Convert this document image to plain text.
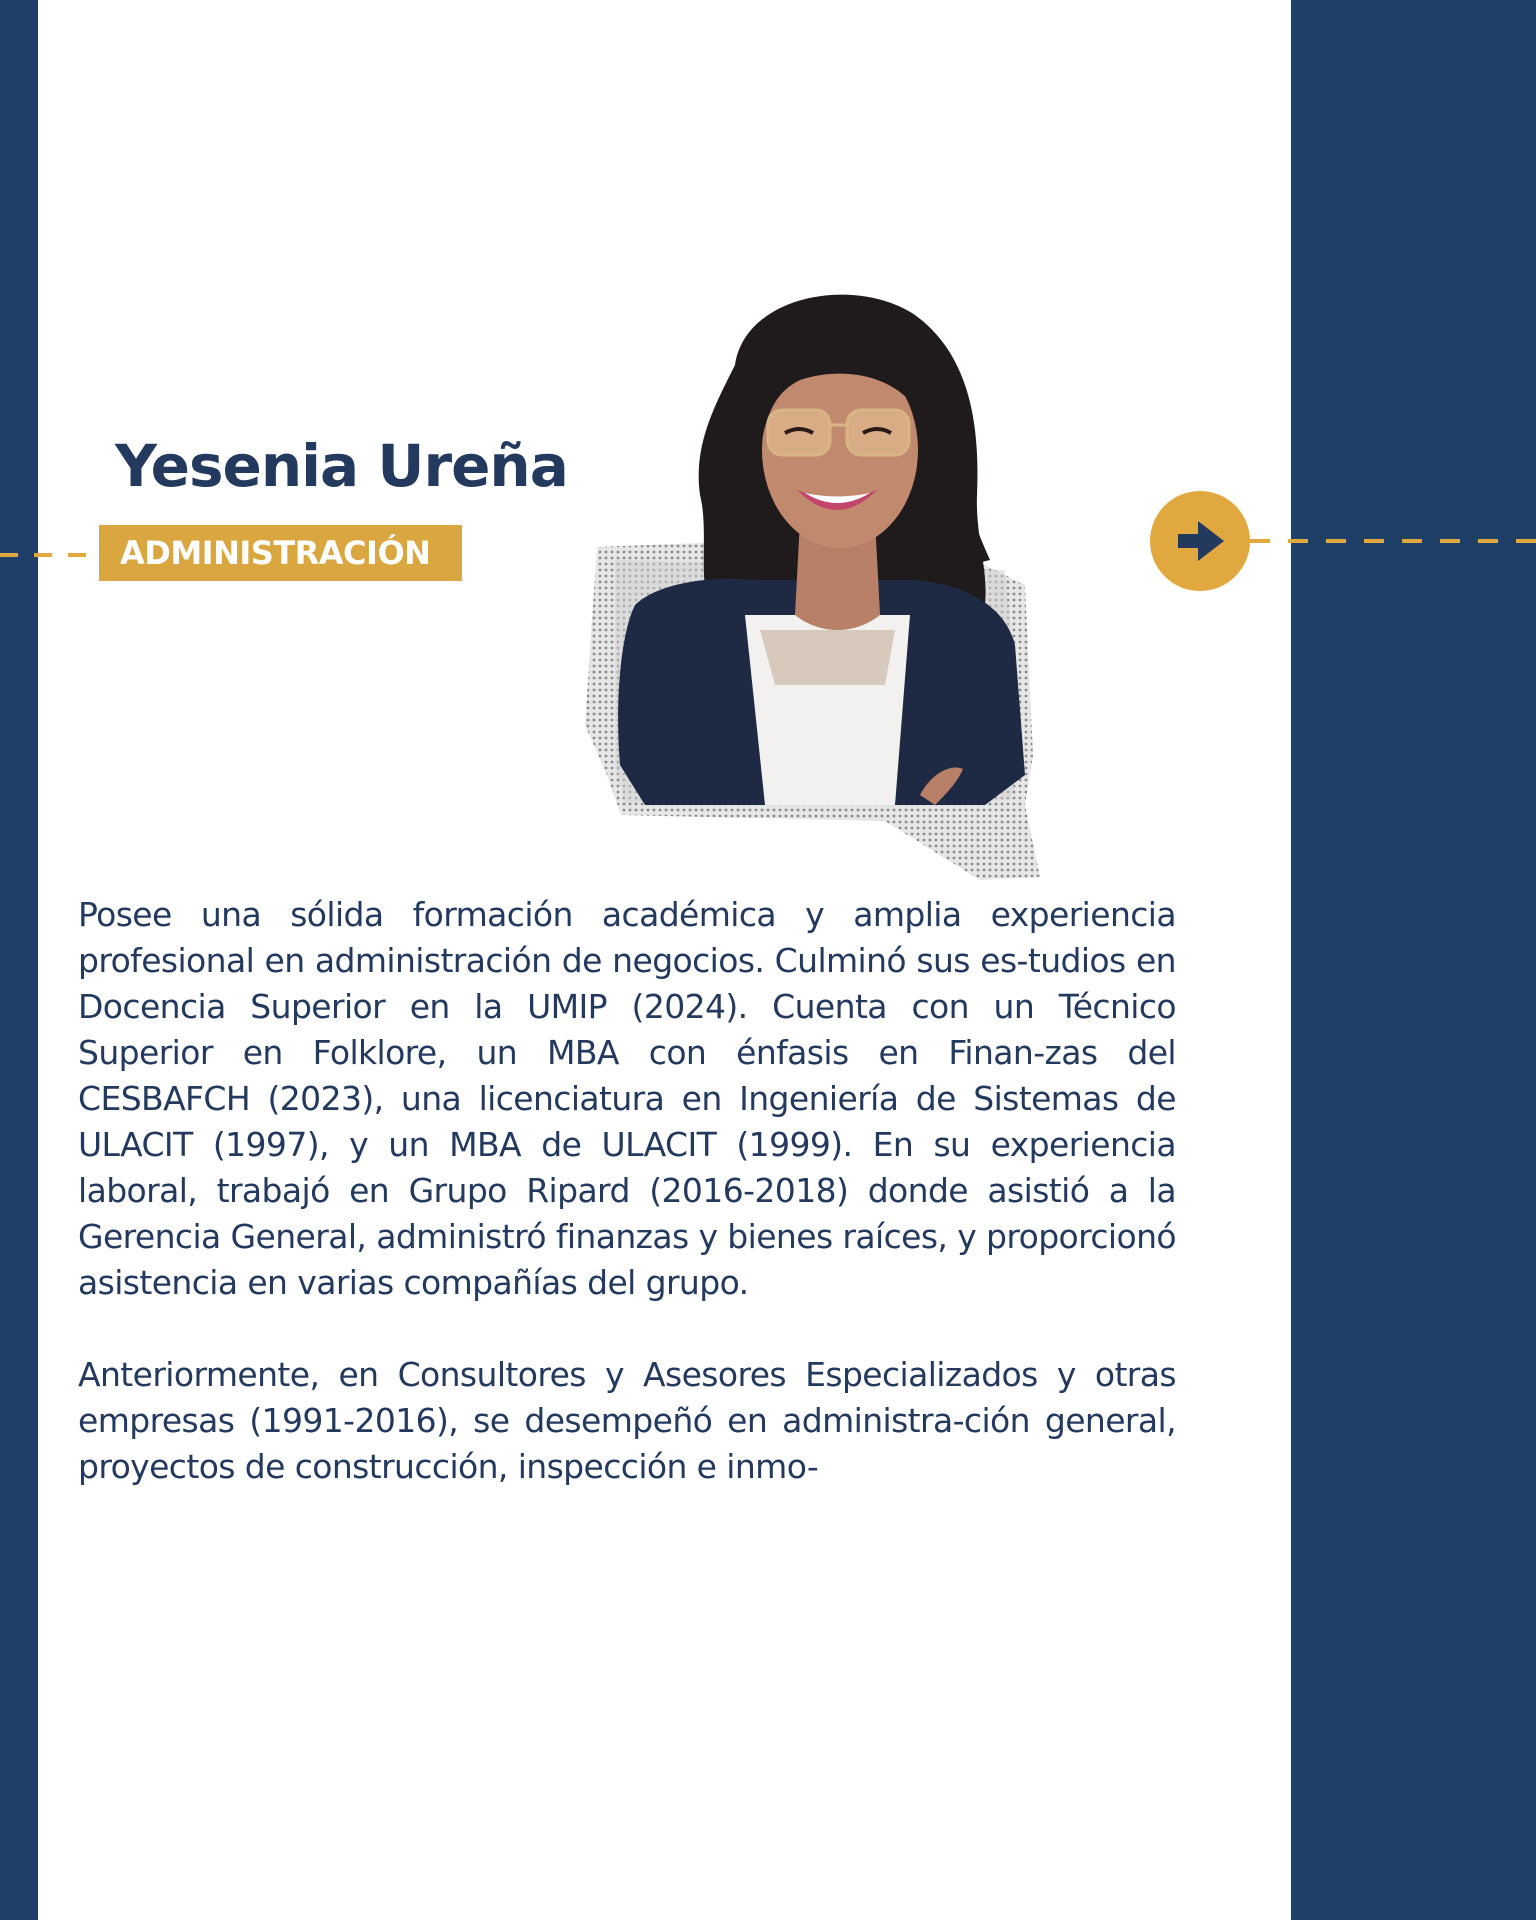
Yesenia Ureña
ADMINISTRACIÓN

Posee una sólida formación académica y amplia experiencia profesional en administración de negocios. Culminó sus es-tudios en Docencia Superior en la UMIP (2024). Cuenta con un Técnico Superior en Folklore, un MBA con énfasis en Finan-zas del CESBAFCH (2023), una licenciatura en Ingeniería de Sistemas de ULACIT (1997), y un MBA de ULACIT (1999). En su experiencia laboral, trabajó en Grupo Ripard (2016-2018) donde asistió a la Gerencia General, administró finanzas y bienes raíces, y proporcionó asistencia en varias compañías del grupo.

Anteriormente, en Consultores y Asesores Especializados y otras empresas (1991-2016), se desempeñó en administra-ción general, proyectos de construcción, inspección e inmo-
